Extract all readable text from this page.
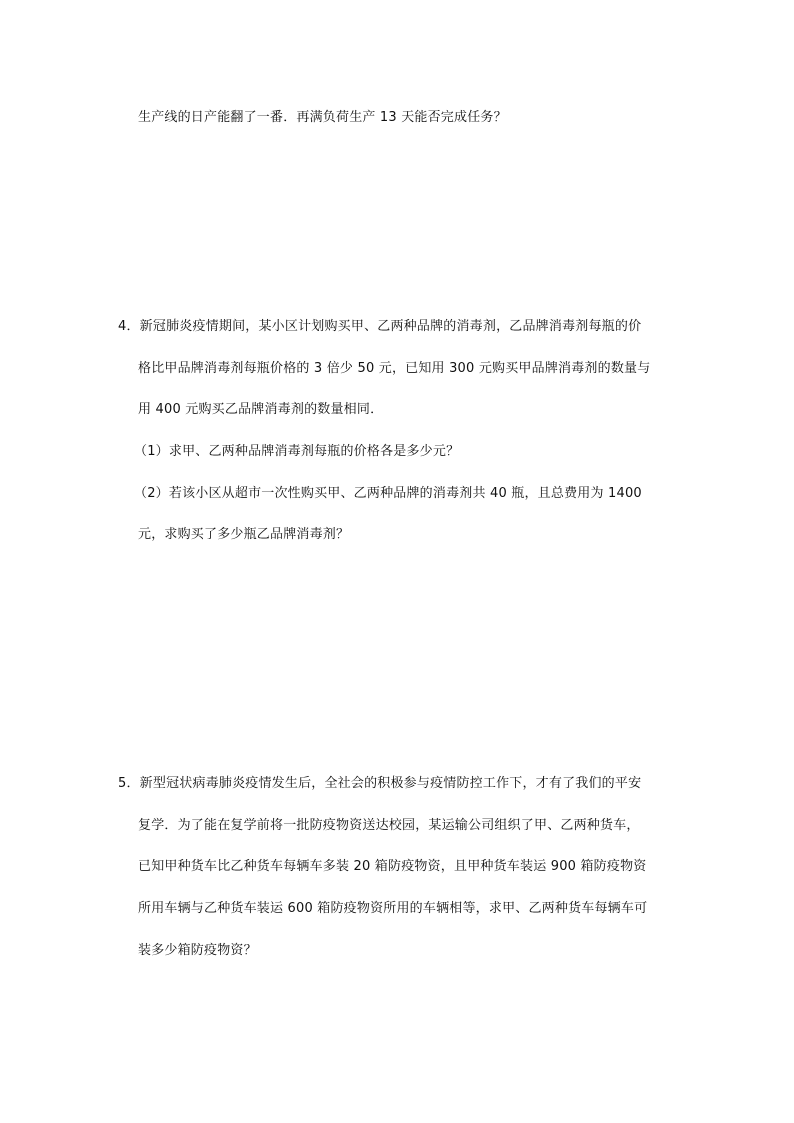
生产线的日产能翻了一番．再满负荷生产 13 天能否完成任务？
4．新冠肺炎疫情期间，某小区计划购买甲、乙两种品牌的消毒剂，乙品牌消毒剂每瓶的价
格比甲品牌消毒剂每瓶价格的 3 倍少 50 元，已知用 300 元购买甲品牌消毒剂的数量与
用 400 元购买乙品牌消毒剂的数量相同．
（1）求甲、乙两种品牌消毒剂每瓶的价格各是多少元？
（2）若该小区从超市一次性购买甲、乙两种品牌的消毒剂共 40 瓶，且总费用为 1400
元，求购买了多少瓶乙品牌消毒剂？
5．新型冠状病毒肺炎疫情发生后，全社会的积极参与疫情防控工作下，才有了我们的平安
复学．为了能在复学前将一批防疫物资送达校园，某运输公司组织了甲、乙两种货车，
已知甲种货车比乙种货车每辆车多装 20 箱防疫物资，且甲种货车装运 900 箱防疫物资
所用车辆与乙种货车装运 600 箱防疫物资所用的车辆相等，求甲、乙两种货车每辆车可
装多少箱防疫物资？
